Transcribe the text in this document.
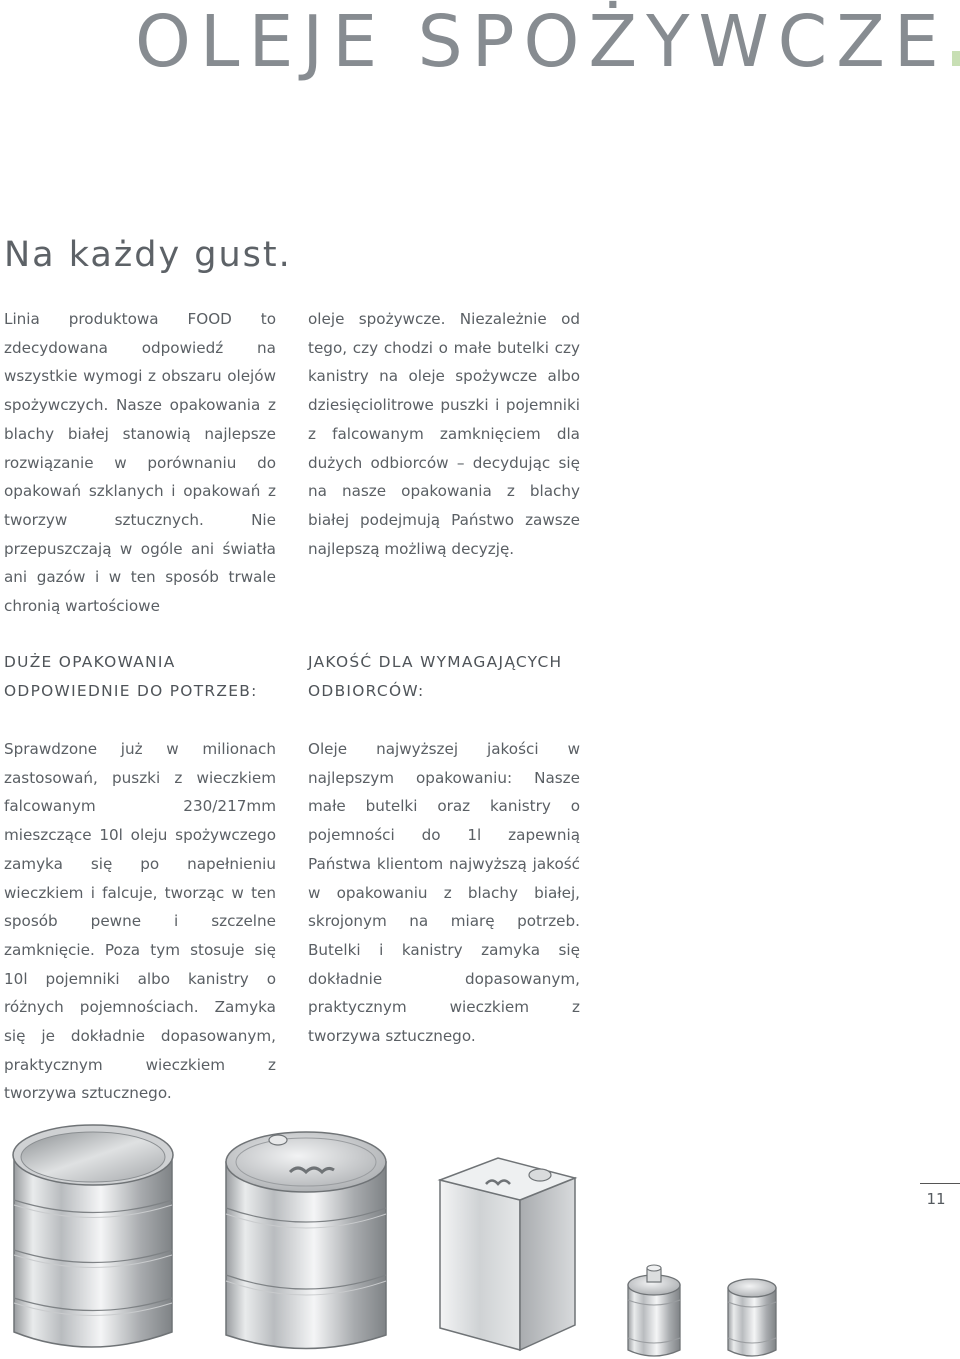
OLEJE SPOŻYWCZE
Na każdy gust.

Linia produktowa FOOD to zdecydowana odpowiedź na wszystkie wymogi z obszaru olejów spożywczych. Nasze opakowania z blachy białej stanowią najlepsze rozwiązanie w porównaniu do opakowań szklanych i opakowań z tworzyw sztucznych. Nie przepuszczają w ogóle ani światła ani gazów i w ten sposób trwale chronią wartościowe

oleje spożywcze. Niezależnie od tego, czy chodzi o małe butelki czy kanistry na oleje spożywcze albo dziesięciolitrowe puszki i pojemniki z falcowanym zamknięciem dla dużych odbiorców – decydując się na nasze opakowania z blachy białej podejmują Państwo zawsze najlepszą możliwą decyzję.

DUŻE OPAKOWANIA ODPOWIEDNIE DO POTRZEB:

JAKOŚĆ DLA WYMAGAJĄCYCH ODBIORCÓW:

Sprawdzone już w milionach zastosowań, puszki z wieczkiem falcowanym 230/217mm mieszczące 10l oleju spożywczego zamyka się po napełnieniu wieczkiem i falcuje, tworząc w ten sposób pewne i szczelne zamknięcie. Poza tym stosuje się 10l pojemniki albo kanistry o różnych pojemnościach. Zamyka się je dokładnie dopasowanym, praktycznym wieczkiem z tworzywa sztucznego.

Oleje najwyższej jakości w najlepszym opakowaniu: Nasze małe butelki oraz kanistry o pojemności do 1l zapewnią Państwa klientom najwyższą jakość w opakowaniu z blachy białej, skrojonym na miarę potrzeb. Butelki i kanistry zamyka się dokładnie dopasowanym, praktycznym wieczkiem z tworzywa sztucznego.

11
